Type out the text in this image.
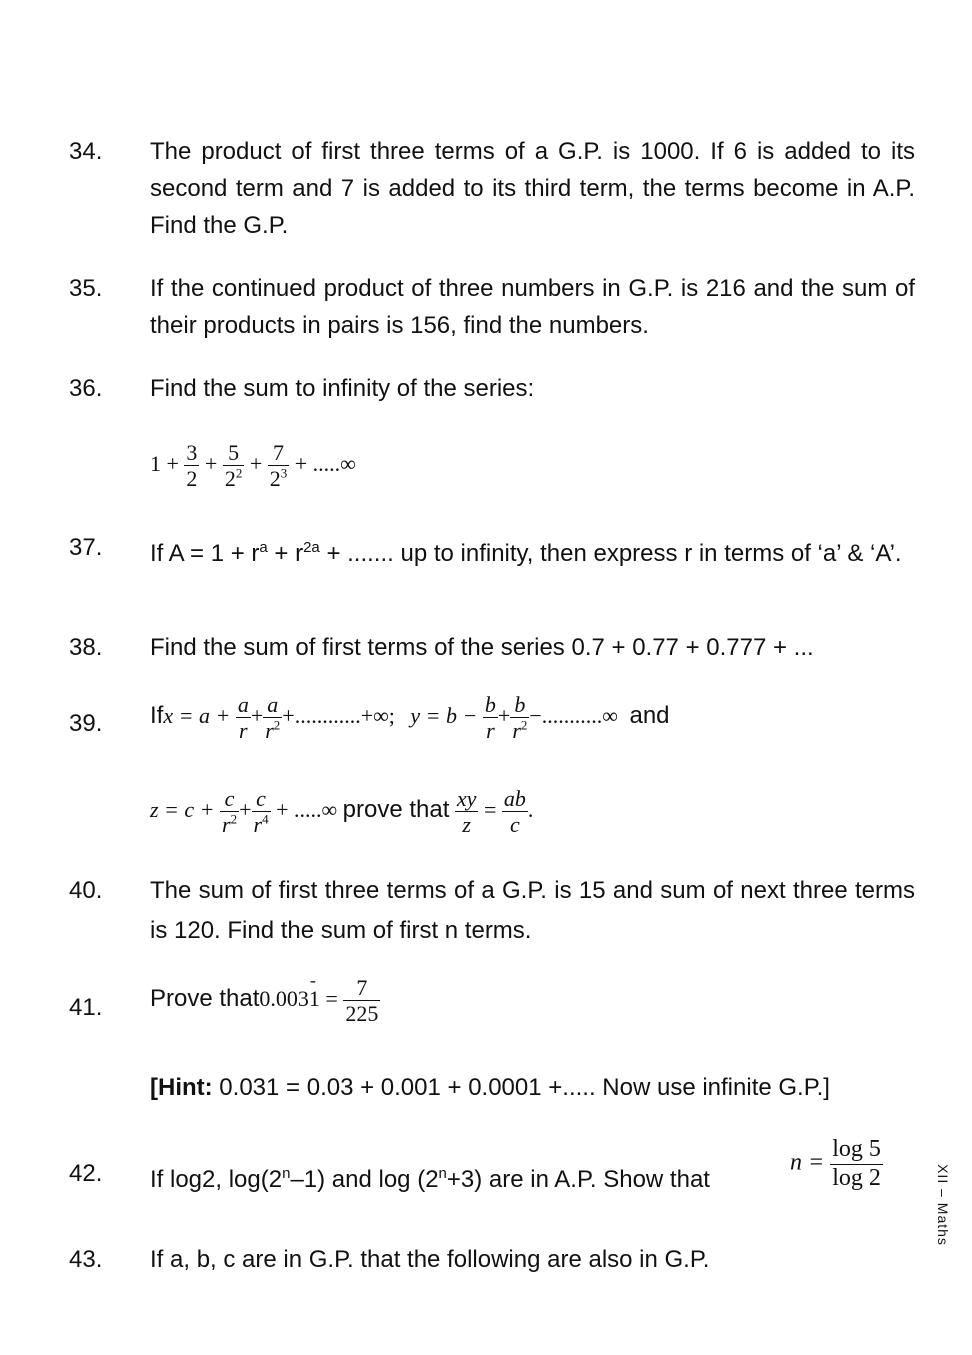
34. The product of first three terms of a G.P. is 1000. If 6 is added to its second term and 7 is added to its third term, the terms become in A.P. Find the G.P.
35. If the continued product of three numbers in G.P. is 216 and the sum of their products in pairs is 156, find the numbers.
36. Find the sum to infinity of the series:
$1 + \frac{3}{2} + \frac{5}{2^2} + \frac{7}{2^3}$ + .....∞
37. If $A = 1 + r^a + r^{2a}$ + ....... up to infinity, then express r in terms of ‘a’ & ‘A’.
38. Find the sum of first terms of the series 0.7 + 0.77 + 0.777 + ...
39. Ifx = $a + \frac{a}{r} + \frac{a}{r^2}$ +............+∞; $y = b - \frac{b}{r} + \frac{b}{r^2}$ −...........∞ and
$z = c + \frac{c}{r^2} + \frac{c}{r^4}$ + .....∞ prove that $\frac{xy}{z} = \frac{ab}{c}$ .
40. The sum of first three terms of a G.P. is 15 and sum of next three terms is 120. Find the sum of first n terms.
41. Prove that0.003
-
$1 = \frac{7}{225}$
[Hint: 0.031 = 0.03 + 0.001 + 0.0001 +..... Now use infinite G.P.]
42. If log2, log(2$^n$–1) and $\log (2^n+3)$ are in A.P. Show that
$n = \frac{\log 5}{\log 2}$
43. If a, b, c are in G.P. that the following are also in G.P.
XII – Maths
